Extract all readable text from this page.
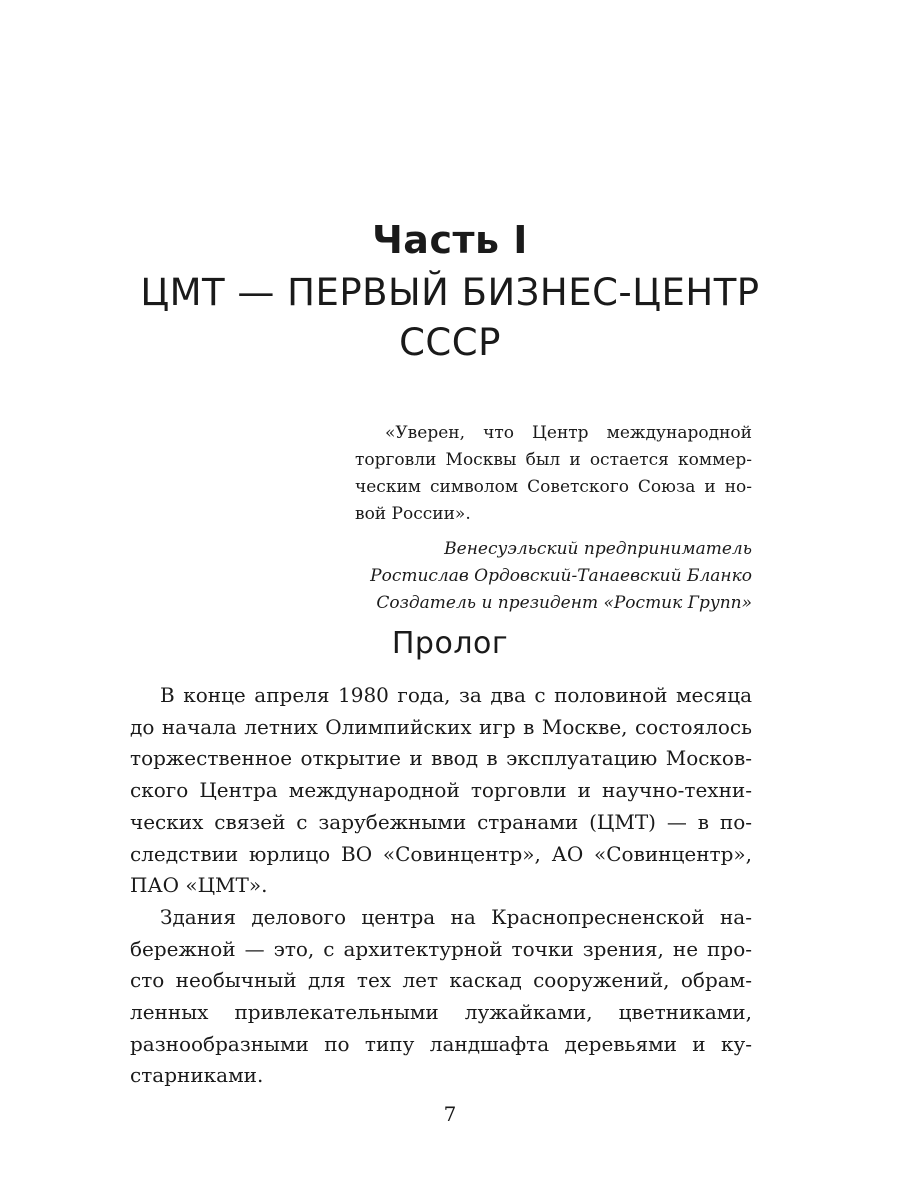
Часть I
ЦМТ — ПЕРВЫЙ БИЗНЕС-ЦЕНТР
СССР

«Уверен, что Центр международной
торговли Москвы был и остается коммер-
ческим символом Советского Союза и но-
вой России».

Венесуэльский предприниматель
Ростислав Ордовский-Танаевский Бланко
Создатель и президент «Ростик Групп»
Пролог

В конце апреля 1980 года, за два с половиной месяца
до начала летних Олимпийских игр в Москве, состоялось
торжественное открытие и ввод в эксплуатацию Москов-
ского Центра международной торговли и научно-техни-
ческих связей с зарубежными странами (ЦМТ) — в по-
следствии юрлицо ВО «Совинцентр», АО «Совинцентр»,
ПАО «ЦМТ».

Здания делового центра на Краснопресненской на-
бережной — это, с архитектурной точки зрения, не про-
сто необычный для тех лет каскад сооружений, обрам-
ленных привлекательными лужайками, цветниками,
разнообразными по типу ландшафта деревьями и ку-
старниками.

7
